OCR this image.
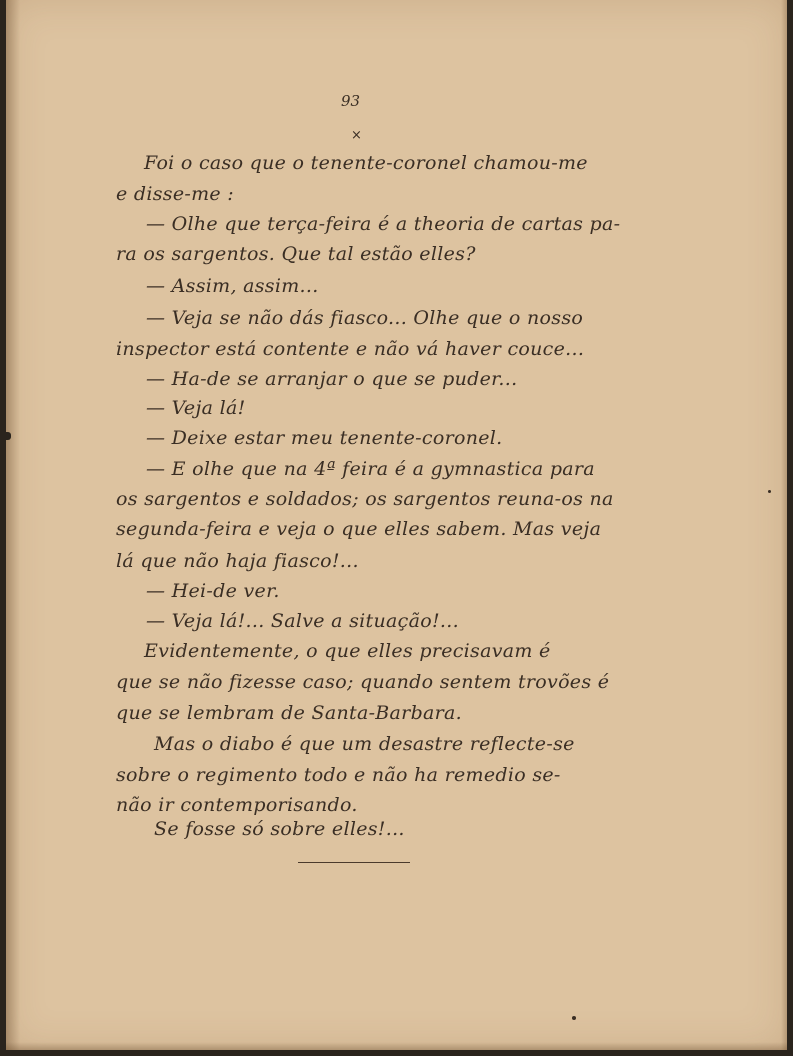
93
×
Foi o caso que o tenente-coronel chamou-me
e disse-me :
— Olhe que terça-feira é a theoria de cartas pa-
ra os sargentos. Que tal estão elles?
— Assim, assim...
— Veja se não dás fiasco... Olhe que o nosso
inspector está contente e não vá haver couce...
— Ha-de se arranjar o que se puder...
— Veja lá!
— Deixe estar meu tenente-coronel.
— E olhe que na 4ª feira é a gymnastica para
os sargentos e soldados; os sargentos reuna-os na
segunda-feira e veja o que elles sabem. Mas veja
lá que não haja fiasco!...
— Hei-de ver.
— Veja lá!... Salve a situação!...
Evidentemente, o que elles precisavam é
que se não fizesse caso; quando sentem trovões é
que se lembram de Santa-Barbara.
Mas o diabo é que um desastre reflecte-se
sobre o regimento todo e não ha remedio se-
não ir contemporisando.
Se fosse só sobre elles!...
